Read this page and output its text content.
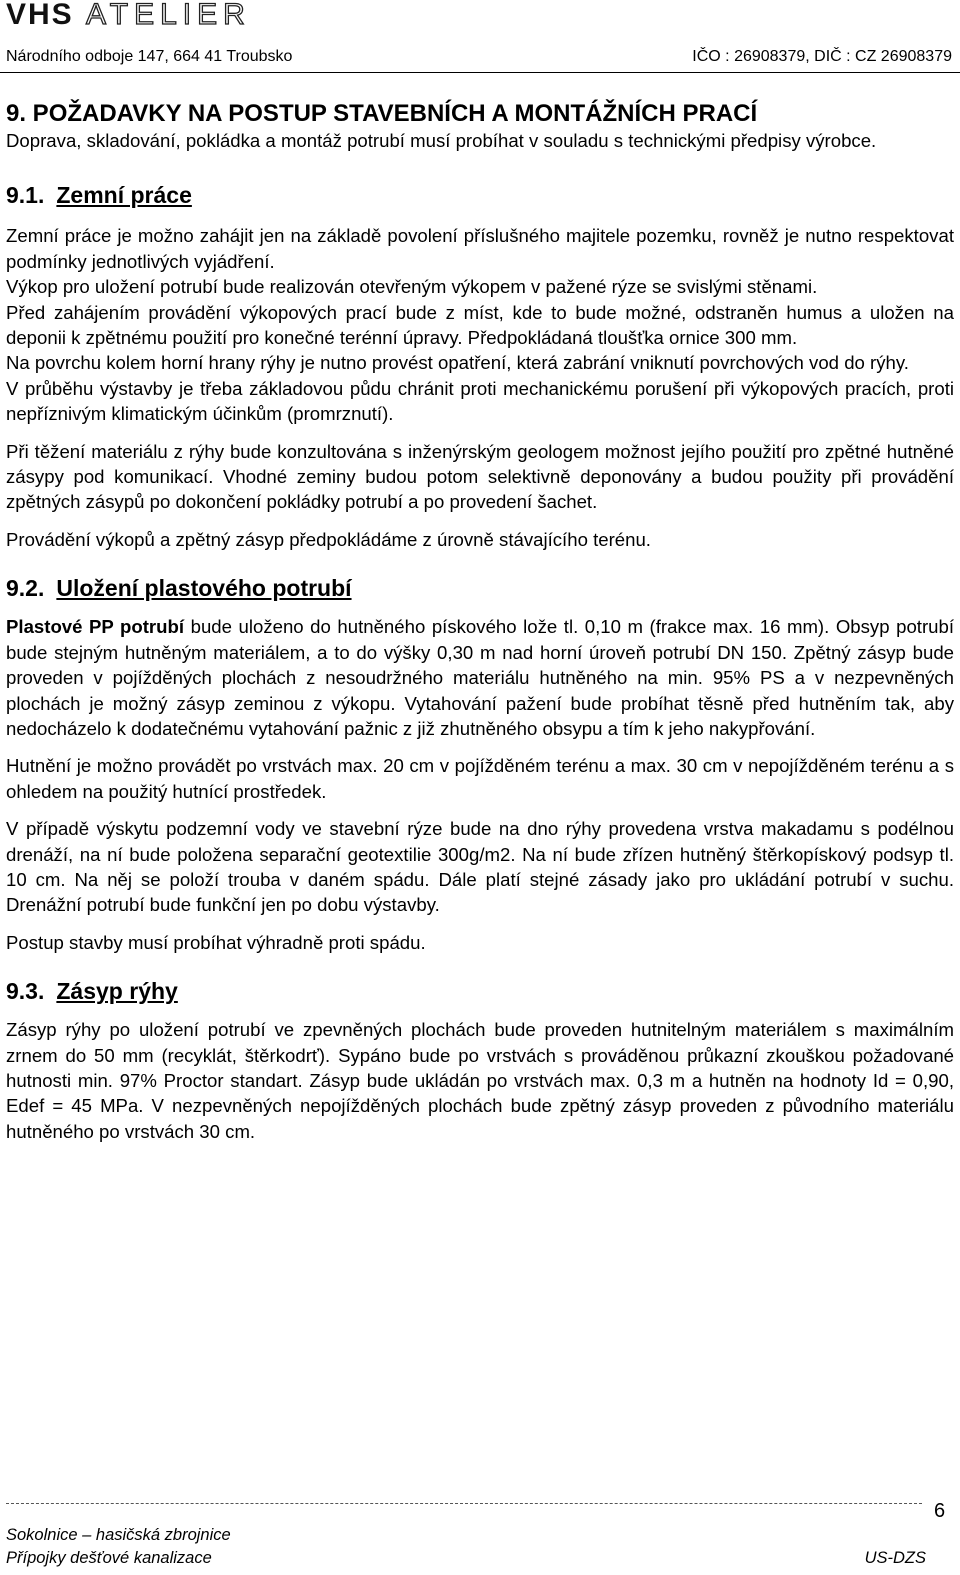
VHS ATELIER
Národního odboje 147, 664 41 Troubsko	IČO : 26908379, DIČ : CZ 26908379

9. POŽADAVKY NA POSTUP STAVEBNÍCH A MONTÁŽNÍCH PRACÍ

Doprava, skladování, pokládka a montáž potrubí musí probíhat v souladu s technickými předpisy výrobce.

9.1. Zemní práce

Zemní práce je možno zahájit jen na základě povolení příslušného majitele pozemku, rovněž je nutno respektovat podmínky jednotlivých vyjádření.

Výkop pro uložení potrubí bude realizován otevřeným výkopem v pažené rýze se svislými stěnami.

Před zahájením provádění výkopových prací bude z míst, kde to bude možné, odstraněn humus a uložen na deponii k zpětnému použití pro konečné terénní úpravy. Předpokládaná tloušťka ornice 300 mm.

Na povrchu kolem horní hrany rýhy je nutno provést opatření, která zabrání vniknutí povrchových vod do rýhy.

V průběhu výstavby je třeba základovou půdu chránit proti mechanickému porušení při výkopových pracích, proti nepříznivým klimatickým účinkům (promrznutí).

Při těžení materiálu z rýhy bude konzultována s inženýrským geologem možnost jejího použití pro zpětné hutněné zásypy pod komunikací. Vhodné zeminy budou potom selektivně deponovány a budou použity při provádění zpětných zásypů po dokončení pokládky potrubí a po provedení šachet.

Provádění výkopů a zpětný zásyp předpokládáme z úrovně stávajícího terénu.

9.2. Uložení plastového potrubí

Plastové PP potrubí bude uloženo do hutněného pískového lože tl. 0,10 m (frakce max. 16 mm). Obsyp potrubí bude stejným hutněným materiálem, a to do výšky 0,30 m nad horní úroveň potrubí DN 150. Zpětný zásyp bude proveden v pojížděných plochách z nesoudržného materiálu hutněného na min. 95% PS a v nezpevněných plochách je možný zásyp zeminou z výkopu. Vytahování pažení bude probíhat těsně před hutněním tak, aby nedocházelo k dodatečnému vytahování pažnic z již zhutněného obsypu a tím k jeho nakypřování.

Hutnění je možno provádět po vrstvách max. 20 cm v pojížděném terénu a max. 30 cm v nepojížděném terénu a s ohledem na použitý hutnící prostředek.

V případě výskytu podzemní vody ve stavební rýze bude na dno rýhy provedena vrstva makadamu s podélnou drenáží, na ní bude položena separační geotextilie 300g/m2. Na ní bude zřízen hutněný štěrkopískový podsyp tl. 10 cm. Na něj se položí trouba v daném spádu. Dále platí stejné zásady jako pro ukládání potrubí v suchu. Drenážní potrubí bude funkční jen po dobu výstavby.

Postup stavby musí probíhat výhradně proti spádu.

9.3. Zásyp rýhy

Zásyp rýhy po uložení potrubí ve zpevněných plochách bude proveden hutnitelným materiálem s maximálním zrnem do 50 mm (recyklát, štěrkodrť). Sypáno bude po vrstvách s prováděnou průkazní zkouškou požadované hutnosti min. 97% Proctor standart. Zásyp bude ukládán po vrstvách max. 0,3 m a hutněn na hodnoty Id = 0,90, Edef = 45 MPa. V nezpevněných nepojížděných plochách bude zpětný zásyp proveden z původního materiálu hutněného po vrstvách 30 cm.

6
Sokolnice – hasičská zbrojnice
Přípojky dešťové kanalizace	US-DZS
